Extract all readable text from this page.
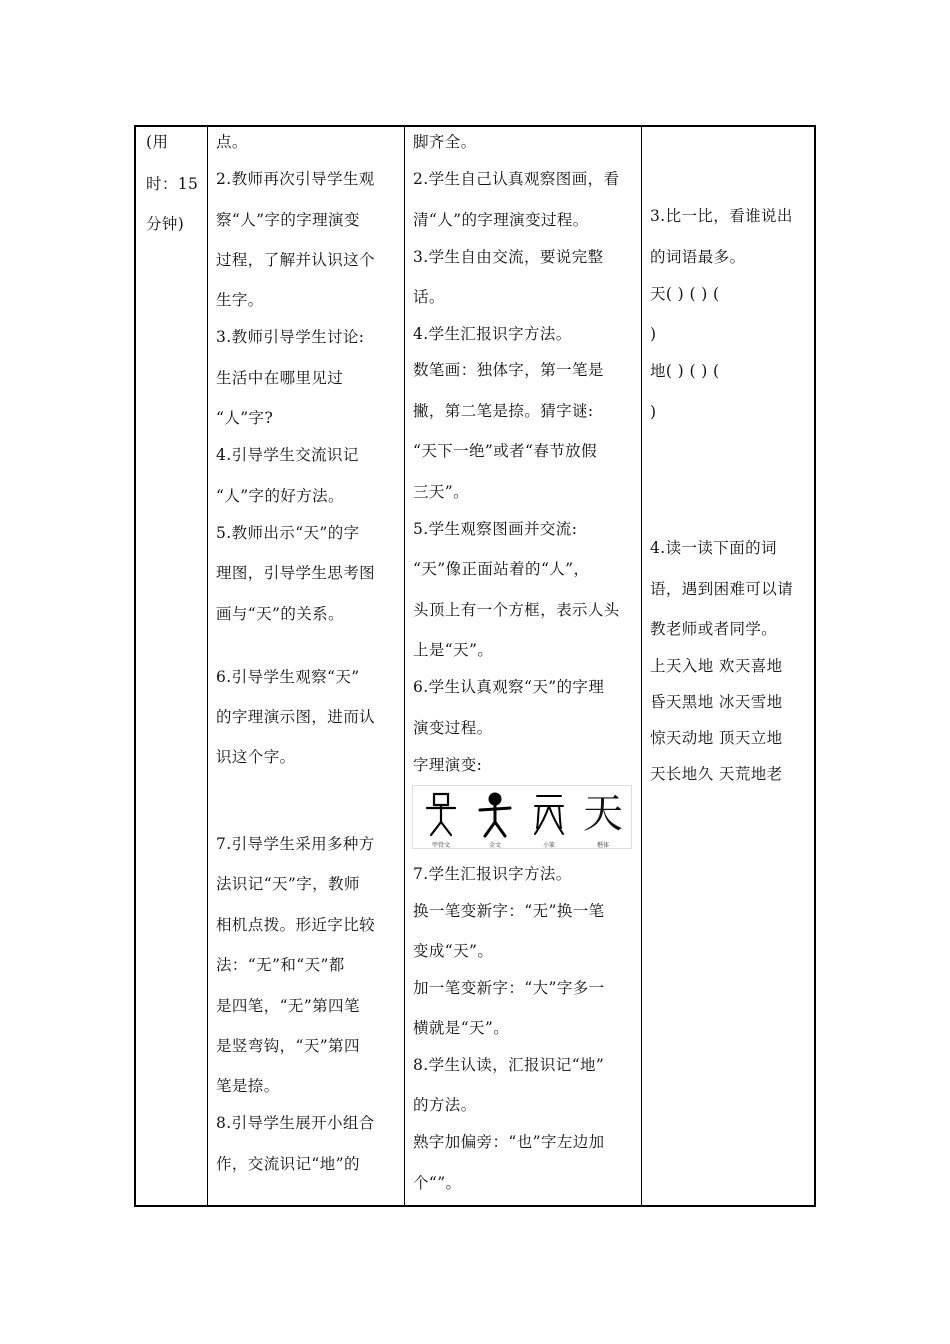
(用
时：15
分钟)
点。
2.教师再次引导学生观
察“人”字的字理演变
过程，了解并认识这个
生字。
3.教师引导学生讨论:
生活中在哪里见过
“人”字?
4.引导学生交流识记
“人”字的好方法。
5.教师出示“天”的字
理图，引导学生思考图
画与“天”的关系。
6.引导学生观察“天”
的字理演示图，进而认
识这个字。
7.引导学生采用多种方
法识记“天”字，教师
相机点拨。形近字比较
法：“无”和“天”都
是四笔，“无”第四笔
是竖弯钩，“天”第四
笔是捺。
8.引导学生展开小组合
作，交流识记“地”的
脚齐全。
2.学生自己认真观察图画，看
清“人”的字理演变过程。
3.学生自由交流，要说完整
话。
4.学生汇报识字方法。
数笔画：独体字，第一笔是
撇，第二笔是捺。猜字谜:
“天下一绝”或者“春节放假
三天”。
5.学生观察图画并交流:
“天”像正面站着的“人”，
头顶上有一个方框，表示人头
上是“天”。
6.学生认真观察“天”的字理
演变过程。
字理演变:
7.学生汇报识字方法。
换一笔变新字：“无”换一笔
变成“天”。
加一笔变新字：“大”字多一
横就是“天”。
8.学生认读，汇报识记“地”
的方法。
熟字加偏旁：“也”字左边加
个“”。
3.比一比，看谁说出
的词语最多。
天( ) ( ) (
)
地( ) ( ) (
)
4.读一读下面的词
语，遇到困难可以请
教老师或者同学。
上天入地 欢天喜地
昏天黑地 冰天雪地
惊天动地 顶天立地
天长地久 天荒地老
甲骨文	金文	小篆
天
楷体
